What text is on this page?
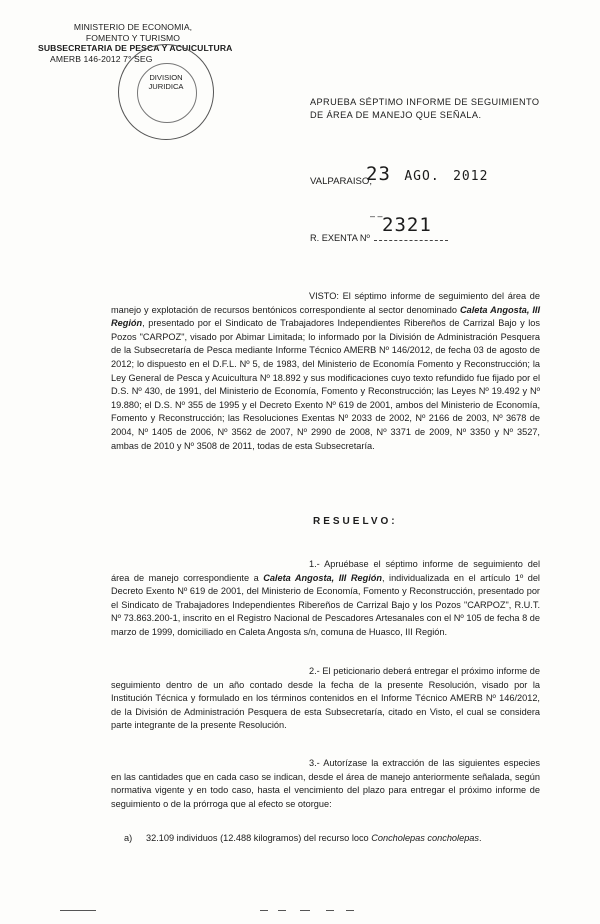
MINISTERIO DE ECONOMIA,
FOMENTO Y TURISMO
SUBSECRETARIA DE PESCA Y ACUICULTURA
AMERB 146-2012 7° SEG
DIVISION
JURIDICA
APRUEBA SÉPTIMO INFORME DE SEGUIMIENTO DE ÁREA DE MANEJO QUE SEÑALA.
VALPARAISO,
23 AGO. 2012
– – 2321
R. EXENTA Nº
VISTO: El séptimo informe de seguimiento del área de manejo y explotación de recursos bentónicos correspondiente al sector denominado Caleta Angosta, III Región, presentado por el Sindicato de Trabajadores Independientes Ribereños de Carrizal Bajo y los Pozos "CARPOZ", visado por Abimar Limitada; lo informado por la División de Administración Pesquera de la Subsecretaría de Pesca mediante Informe Técnico AMERB Nº 146/2012, de fecha 03 de agosto de 2012; lo dispuesto en el D.F.L. Nº 5, de 1983, del Ministerio de Economía Fomento y Reconstrucción; la Ley General de Pesca y Acuicultura Nº 18.892 y sus modificaciones cuyo texto refundido fue fijado por el D.S. Nº 430, de 1991, del Ministerio de Economía, Fomento y Reconstrucción; las Leyes Nº 19.492 y Nº 19.880; el D.S. Nº 355 de 1995 y el Decreto Exento Nº 619 de 2001, ambos del Ministerio de Economía, Fomento y Reconstrucción; las Resoluciones Exentas Nº 2033 de 2002, Nº 2166 de 2003, Nº 3678 de 2004, Nº 1405 de 2006, Nº 3562 de 2007, Nº 2990 de 2008, Nº 3371 de 2009, Nº 3350 y Nº 3527, ambas de 2010 y Nº 3508 de 2011, todas de esta Subsecretaría.
RESUELVO:
1.- Apruébase el séptimo informe de seguimiento del área de manejo correspondiente a Caleta Angosta, III Región, individualizada en el artículo 1º del Decreto Exento Nº 619 de 2001, del Ministerio de Economía, Fomento y Reconstrucción, presentado por el Sindicato de Trabajadores Independientes Ribereños de Carrizal Bajo y los Pozos "CARPOZ", R.U.T. Nº 73.863.200-1, inscrito en el Registro Nacional de Pescadores Artesanales con el Nº 105 de fecha 8 de marzo de 1999, domiciliado en Caleta Angosta s/n, comuna de Huasco, III Región.
2.- El peticionario deberá entregar el próximo informe de seguimiento dentro de un año contado desde la fecha de la presente Resolución, visado por la Institución Técnica y formulado en los términos contenidos en el Informe Técnico AMERB Nº 146/2012, de la División de Administración Pesquera de esta Subsecretaría, citado en Visto, el cual se considera parte integrante de la presente Resolución.
3.- Autorízase la extracción de las siguientes especies en las cantidades que en cada caso se indican, desde el área de manejo anteriormente señalada, según normativa vigente y en todo caso, hasta el vencimiento del plazo para entregar el próximo informe de seguimiento o de la prórroga que al efecto se otorgue:
a) 32.109 individuos (12.488 kilogramos) del recurso loco Concholepas concholepas.
